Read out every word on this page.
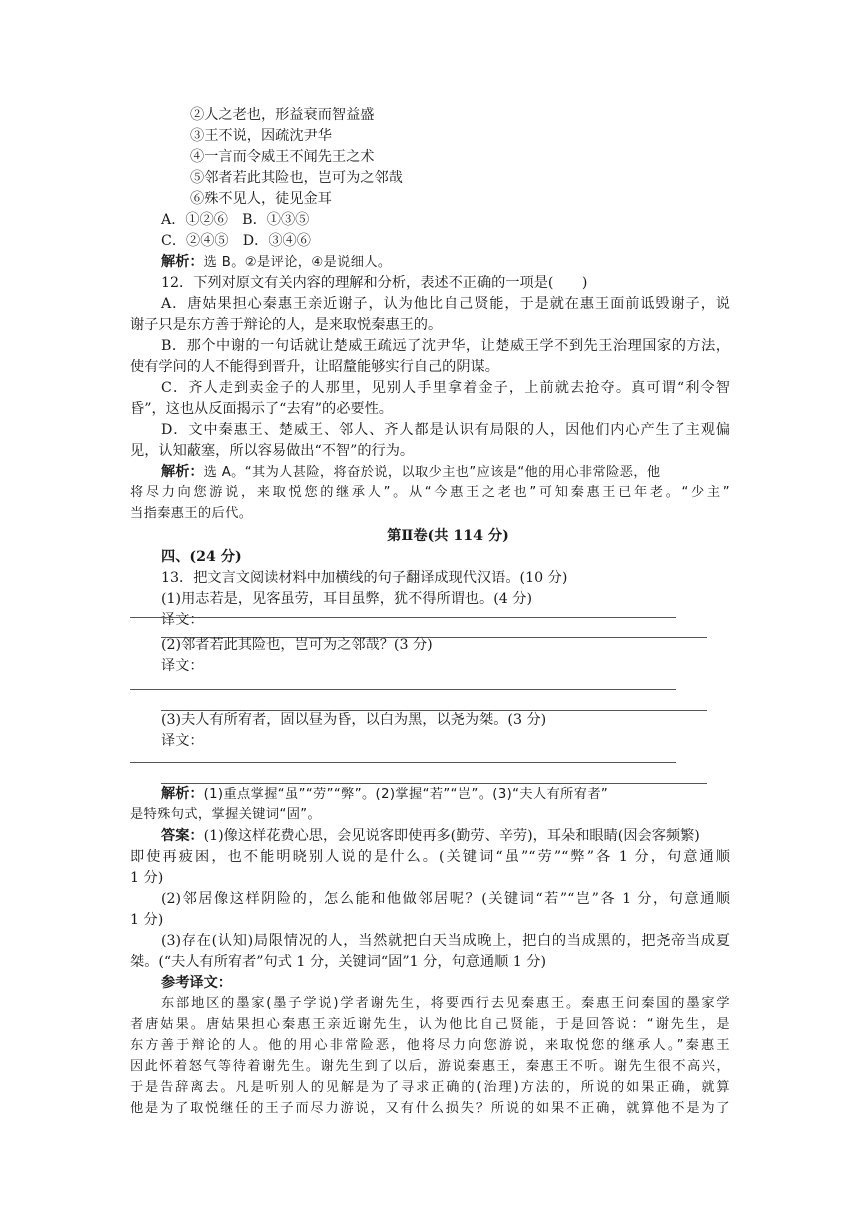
②人之老也，形益衰而智益盛
③王不说，因疏沈尹华
④一言而令威王不闻先王之术
⑤邻者若此其险也，岂可为之邻哉
⑥殊不见人，徒见金耳
A．①②⑥　B．①③⑤
C．②④⑤　D．③④⑥
解析：选 B。②是评论，④是说细人。
12．下列对原文有关内容的理解和分析，表述不正确的一项是(　　)
A．唐姑果担心秦惠王亲近谢子，认为他比自己贤能，于是就在惠王面前诋毁谢子，说
谢子只是东方善于辩论的人，是来取悦秦惠王的。
B．那个中谢的一句话就让楚威王疏远了沈尹华，让楚威王学不到先王治理国家的方法，
使有学问的人不能得到晋升，让昭釐能够实行自己的阴谋。
C．齐人走到卖金子的人那里，见别人手里拿着金子，上前就去抢夺。真可谓“利令智
昏”，这也从反面揭示了“去宥”的必要性。
D．文中秦惠王、楚威王、邻人、齐人都是认识有局限的人，因他们内心产生了主观偏
见，认知蔽塞，所以容易做出“不智”的行为。
解析：选 A。“其为人甚险，将奋於说，以取少主也”应该是“他的用心非常险恶，他
将尽力向您游说，来取悦您的继承人”。从“今惠王之老也”可知秦惠王已年老。“少主”
当指秦惠王的后代。
第Ⅱ卷(共 114 分)
四、(24 分)
13．把文言文阅读材料中加横线的句子翻译成现代汉语。(10 分)
(1)用志若是，见客虽劳，耳目虽弊，犹不得所谓也。(4 分)
译文：
(2)邻者若此其险也，岂可为之邻哉？(3 分)
译文：
(3)夫人有所宥者，固以昼为昏，以白为黑，以尧为桀。(3 分)
译文：
解析：(1)重点掌握“虽”“劳”“弊”。(2)掌握“若”“岂”。(3)“夫人有所宥者”
是特殊句式，掌握关键词“固”。
答案：(1)像这样花费心思，会见说客即使再多(勤劳、辛劳)，耳朵和眼睛(因会客频繁)
即使再疲困，也不能明晓别人说的是什么。(关键词“虽”“劳”“弊”各 1 分，句意通顺
1 分)
(2)邻居像这样阴险的，怎么能和他做邻居呢？(关键词“若”“岂”各 1 分，句意通顺
1 分)
(3)存在(认知)局限情况的人，当然就把白天当成晚上，把白的当成黑的，把尧帝当成夏
桀。(“夫人有所宥者”句式 1 分，关键词“固”1 分，句意通顺 1 分)
参考译文：
东部地区的墨家(墨子学说)学者谢先生，将要西行去见秦惠王。秦惠王问秦国的墨家学
者唐姑果。唐姑果担心秦惠王亲近谢先生，认为他比自己贤能，于是回答说：“谢先生，是
东方善于辩论的人。他的用心非常险恶，他将尽力向您游说，来取悦您的继承人。”秦惠王
因此怀着怒气等待着谢先生。谢先生到了以后，游说秦惠王，秦惠王不听。谢先生很不高兴，
于是告辞离去。凡是听别人的见解是为了寻求正确的(治理)方法的，所说的如果正确，就算
他是为了取悦继任的王子而尽力游说，又有什么损失？所说的如果不正确，就算他不是为了
